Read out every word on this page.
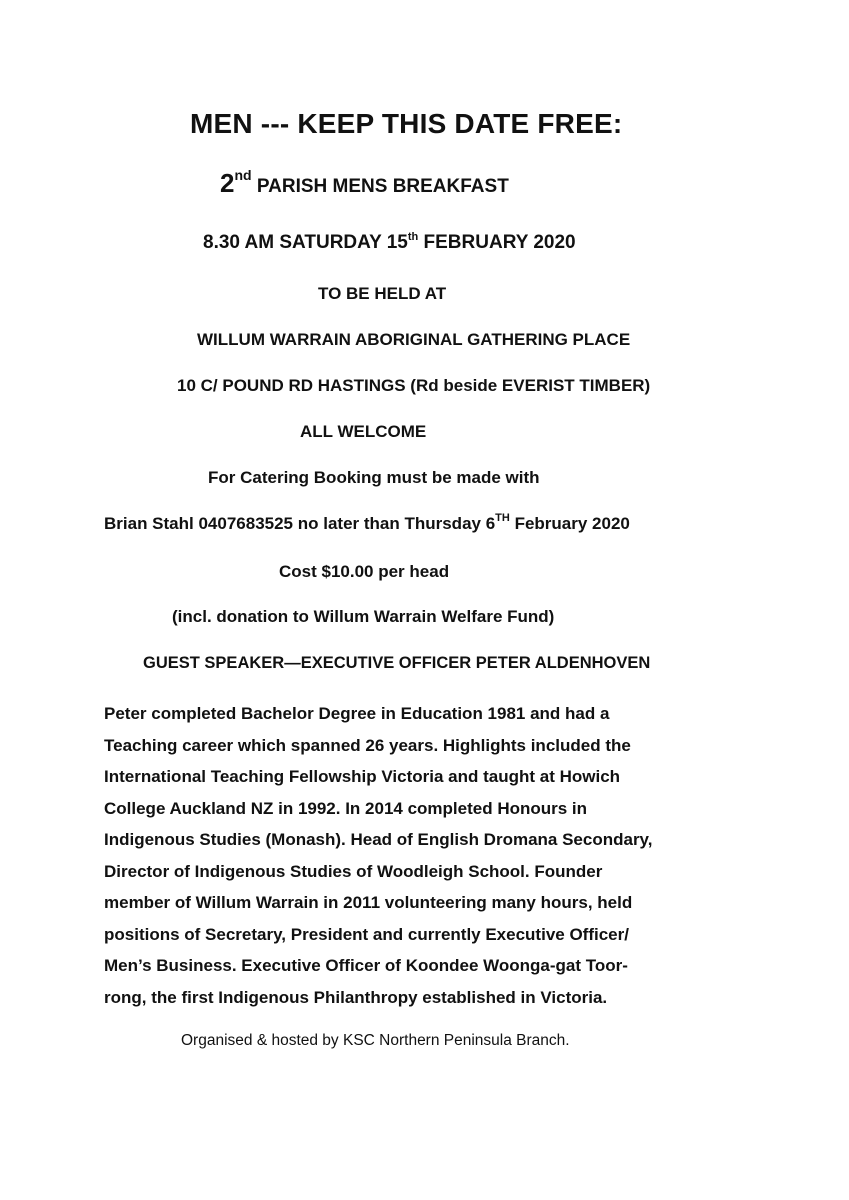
MEN --- KEEP THIS DATE FREE:
2nd PARISH MENS BREAKFAST
8.30 AM SATURDAY 15th FEBRUARY 2020
TO BE HELD AT
WILLUM WARRAIN ABORIGINAL GATHERING PLACE
10 C/ POUND RD HASTINGS (Rd beside EVERIST TIMBER)
ALL WELCOME
For Catering Booking must be made with
Brian Stahl 0407683525 no later than Thursday 6TH February 2020
Cost $10.00 per head
(incl. donation to Willum Warrain Welfare Fund)
GUEST SPEAKER—EXECUTIVE OFFICER PETER ALDENHOVEN
Peter completed Bachelor Degree in Education 1981 and had a
Teaching career which spanned 26 years. Highlights included the
International Teaching Fellowship Victoria and taught at Howich
College Auckland NZ in 1992. In 2014 completed Honours in
Indigenous Studies (Monash). Head of English Dromana Secondary,
Director of Indigenous Studies of Woodleigh School. Founder
member of Willum Warrain in 2011 volunteering many hours, held
positions of Secretary, President and currently Executive Officer/
Men’s Business. Executive Officer of Koondee Woonga-gat Toor-
rong, the first Indigenous Philanthropy established in Victoria.
Organised & hosted by KSC Northern Peninsula Branch.
